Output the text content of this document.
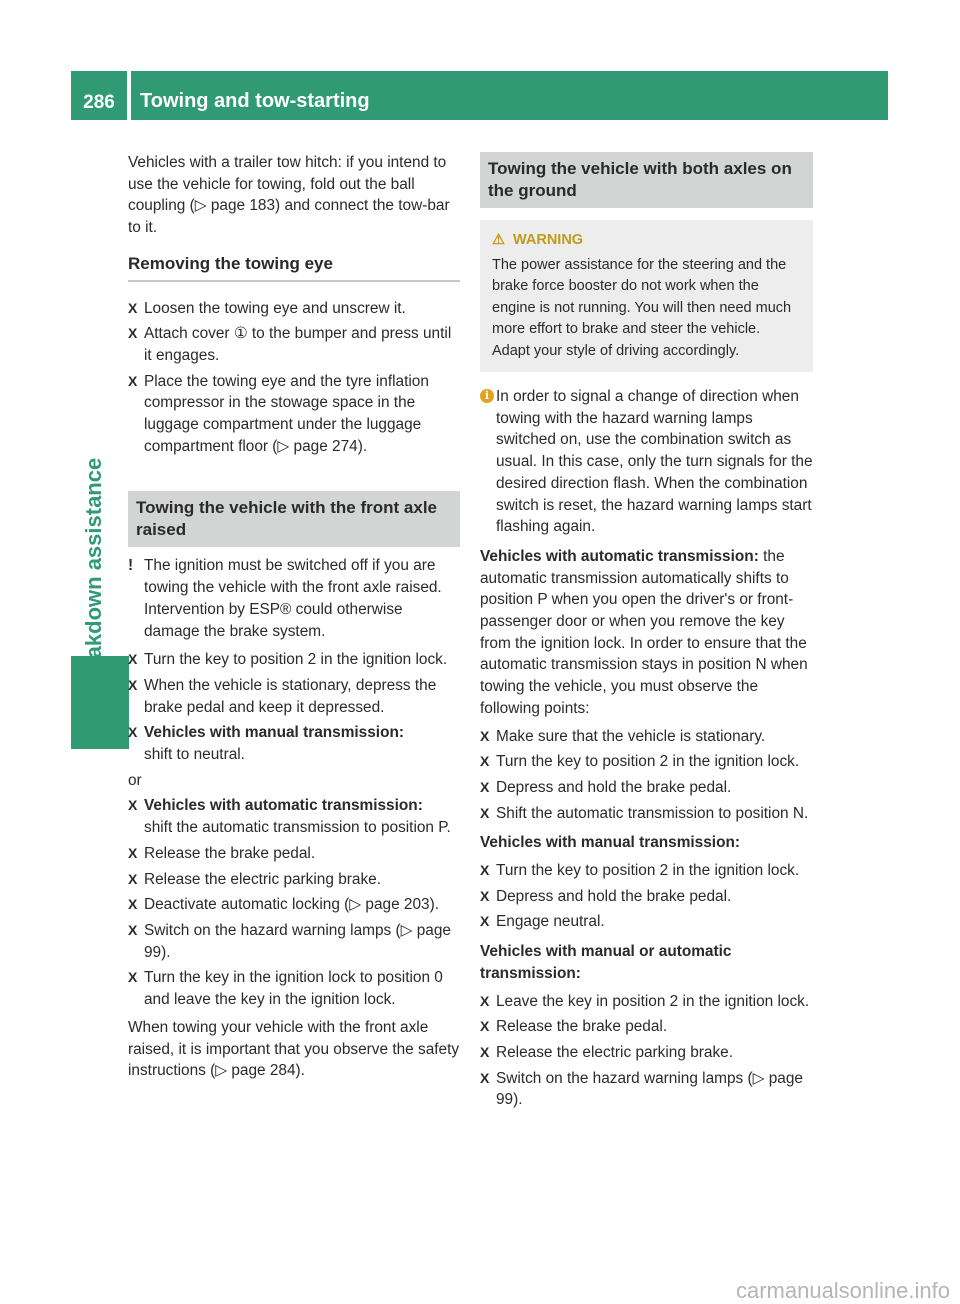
286	Towing and tow-starting
Breakdown assistance

Vehicles with a trailer tow hitch: if you intend to use the vehicle for towing, fold out the ball coupling (▷ page 183) and connect the tow-bar to it.

Removing the towing eye
X Loosen the towing eye and unscrew it.
X Attach cover ① to the bumper and press until it engages.
X Place the towing eye and the tyre inflation compressor in the stowage space in the luggage compartment under the luggage compartment floor (▷ page 274).
Towing the vehicle with the front axle raised
! The ignition must be switched off if you are towing the vehicle with the front axle raised. Intervention by ESP® could otherwise damage the brake system.
X Turn the key to position 2 in the ignition lock.
X When the vehicle is stationary, depress the brake pedal and keep it depressed.
X Vehicles with manual transmission:
shift to neutral.

or

X Vehicles with automatic transmission:
shift the automatic transmission to position P.
X Release the brake pedal.
X Release the electric parking brake.
X Deactivate automatic locking (▷ page 203).
X Switch on the hazard warning lamps (▷ page 99).
X Turn the key in the ignition lock to position 0 and leave the key in the ignition lock.

When towing your vehicle with the front axle raised, it is important that you observe the safety instructions (▷ page 284).

Towing the vehicle with both axles on the ground
⚠ WARNING
The power assistance for the steering and the brake force booster do not work when the engine is not running. You will then need much more effort to brake and steer the vehicle. Adapt your style of driving accordingly.
i In order to signal a change of direction when towing with the hazard warning lamps switched on, use the combination switch as usual. In this case, only the turn signals for the desired direction flash. When the combination switch is reset, the hazard warning lamps start flashing again.

Vehicles with automatic transmission: the automatic transmission automatically shifts to position P when you open the driver's or front-passenger door or when you remove the key from the ignition lock. In order to ensure that the automatic transmission stays in position N when towing the vehicle, you must observe the following points:

X Make sure that the vehicle is stationary.
X Turn the key to position 2 in the ignition lock.
X Depress and hold the brake pedal.
X Shift the automatic transmission to position N.

Vehicles with manual transmission:

X Turn the key to position 2 in the ignition lock.
X Depress and hold the brake pedal.
X Engage neutral.

Vehicles with manual or automatic transmission:

X Leave the key in position 2 in the ignition lock.
X Release the brake pedal.
X Release the electric parking brake.
X Switch on the hazard warning lamps (▷ page 99).
carmanualsonline.info
